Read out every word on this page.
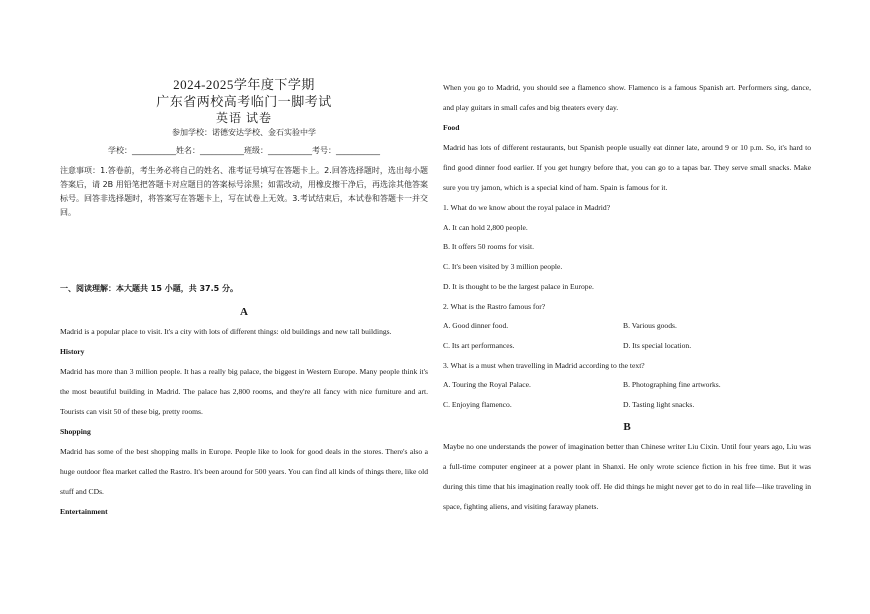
2024-2025学年度下学期
广东省两校高考临门一脚考试
英语 试卷
参加学校：诺德安达学校、金石实验中学
学校：___________姓名：___________班级：___________考号：___________
注意事项：1.答卷前，考生务必将自己的姓名、准考证号填写在答题卡上。2.回答选择题时，选出每小题答案后，请 2B 用铅笔把答题卡对应题目的答案标号涂黑；如需改动，用橡皮擦干净后，再选涂其他答案标号。回答非选择题时，将答案写在答题卡上，写在试卷上无效。3.考试结束后，本试卷和答题卡一并交回。
一、阅读理解：本大题共 15 小题，共 37.5 分。
A
Madrid is a popular place to visit. It's a city with lots of different things: old buildings and new tall buildings.
History
Madrid has more than 3 million people. It has a really big palace, the biggest in Western Europe. Many people think it's the most beautiful building in Madrid. The palace has 2,800 rooms, and they're all fancy with nice furniture and art. Tourists can visit 50 of these big, pretty rooms.
Shopping
Madrid has some of the best shopping malls in Europe. People like to look for good deals in the stores. There's also a huge outdoor flea market called the Rastro. It's been around for 500 years. You can find all kinds of things there, like old stuff and CDs.
Entertainment
When you go to Madrid, you should see a flamenco show. Flamenco is a famous Spanish art. Performers sing, dance, and play guitars in small cafes and big theaters every day.
Food
Madrid has lots of different restaurants, but Spanish people usually eat dinner late, around 9 or 10 p.m. So, it's hard to find good dinner food earlier. If you get hungry before that, you can go to a tapas bar. They serve small snacks. Make sure you try jamon, which is a special kind of ham. Spain is famous for it.
1. What do we know about the royal palace in Madrid?
A. It can hold 2,800 people.
B. It offers 50 rooms for visit.
C. It's been visited by 3 million people.
D. It is thought to be the largest palace in Europe.
2. What is the Rastro famous for?
A. Good dinner food.	B. Various goods.
C. Its art performances.	D. Its special location.
3. What is a must when travelling in Madrid according to the text?
A. Touring the Royal Palace.	B. Photographing fine artworks.
C. Enjoying flamenco.	D. Tasting light snacks.
B
Maybe no one understands the power of imagination better than Chinese writer Liu Cixin. Until four years ago, Liu was a full-time computer engineer at a power plant in Shanxi. He only wrote science fiction in his free time. But it was during this time that his imagination really took off. He did things he might never get to do in real life—like traveling in space, fighting aliens, and visiting faraway planets.
